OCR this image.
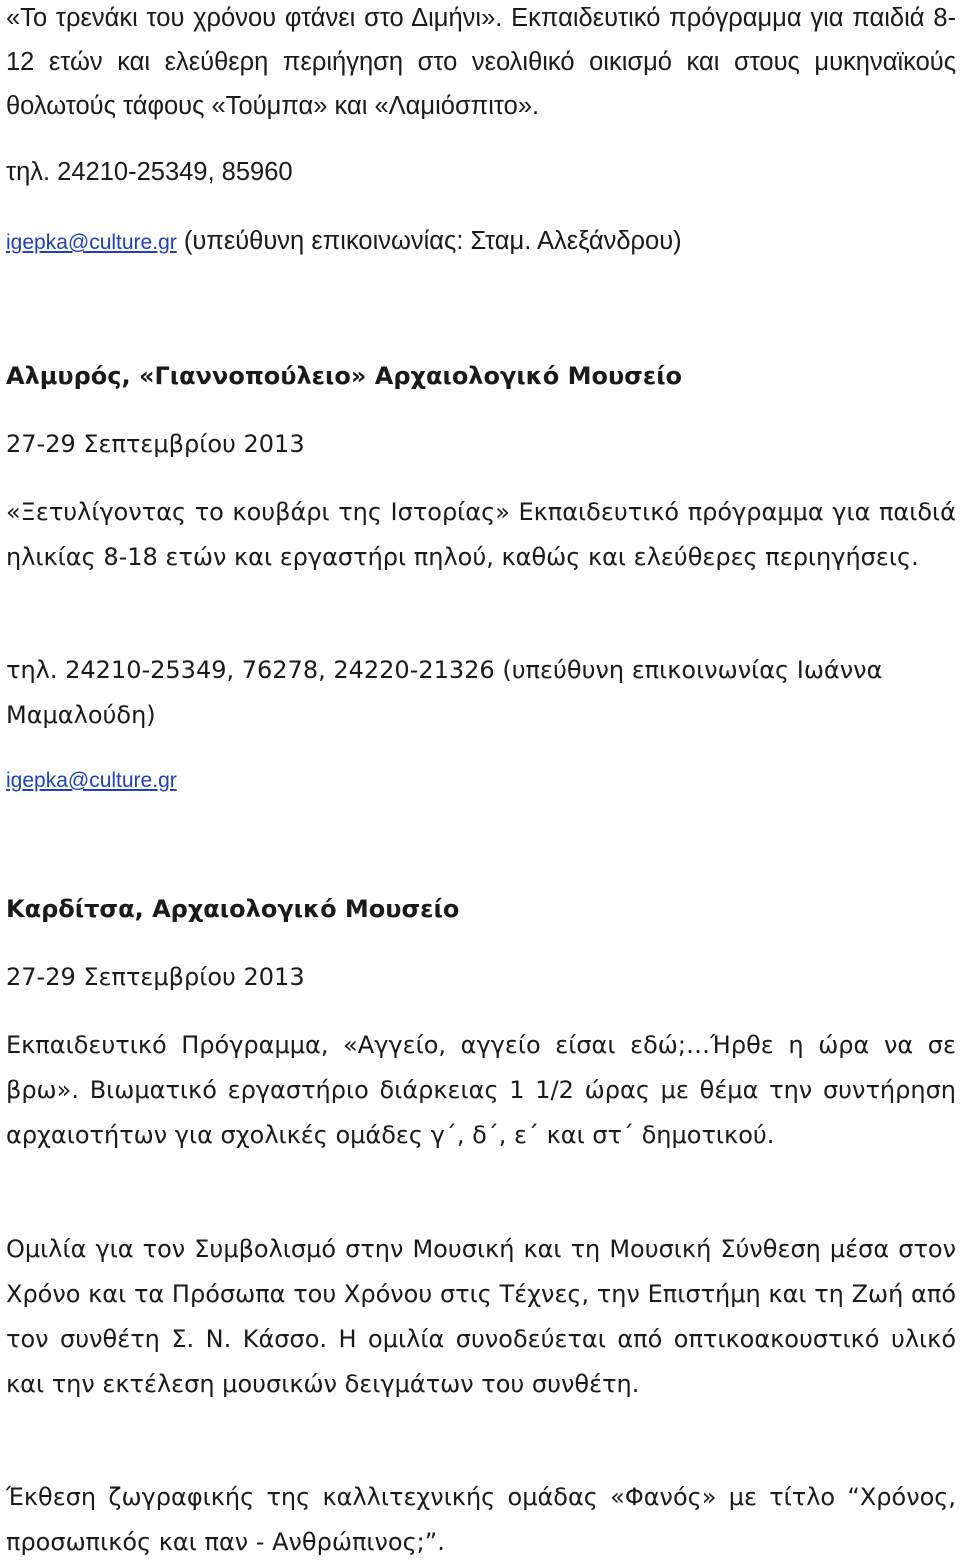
«Το τρενάκι του χρόνου φτάνει στο Διμήνι». Εκπαιδευτικό πρόγραμμα για παιδιά 8-12 ετών και ελεύθερη περιήγηση στο νεολιθικό οικισμό και στους μυκηναϊκούς θολωτούς τάφους «Τούμπα» και «Λαμιόσπιτο».

τηλ. 24210-25349, 85960

igepka@culture.gr (υπεύθυνη επικοινωνίας: Σταμ. Αλεξάνδρου)
Αλμυρός, «Γιαννοπούλειο» Αρχαιολογικό Μουσείο

27-29 Σεπτεμβρίου 2013

«Ξετυλίγοντας το κουβάρι της Ιστορίας» Εκπαιδευτικό πρόγραμμα για παιδιά ηλικίας 8-18 ετών και εργαστήρι πηλού, καθώς και ελεύθερες περιηγήσεις.

τηλ. 24210-25349, 76278, 24220-21326 (υπεύθυνη επικοινωνίας Ιωάννα Μαμαλούδη)

igepka@culture.gr
Καρδίτσα, Αρχαιολογικό Μουσείο

27-29 Σεπτεμβρίου 2013

Εκπαιδευτικό Πρόγραμμα, «Αγγείο, αγγείο είσαι εδώ;…Ήρθε η ώρα να σε βρω». Βιωματικό εργαστήριο διάρκειας 1 1/2 ώρας με θέμα την συντήρηση αρχαιοτήτων για σχολικές ομάδες γ΄, δ΄, ε΄ και στ΄ δημοτικού.

Ομιλία για τον Συμβολισμό στην Μουσική και τη Μουσική Σύνθεση μέσα στον Χρόνο και τα Πρόσωπα του Χρόνου στις Τέχνες, την Επιστήμη και τη Ζωή από τον συνθέτη Σ. Ν. Κάσσο. Η ομιλία συνοδεύεται από οπτικοακουστικό υλικό και την εκτέλεση μουσικών δειγμάτων του συνθέτη.

Έκθεση ζωγραφικής της καλλιτεχνικής ομάδας «Φανός» με τίτλο “Χρόνος, προσωπικός και παν - Ανθρώπινος;”.
